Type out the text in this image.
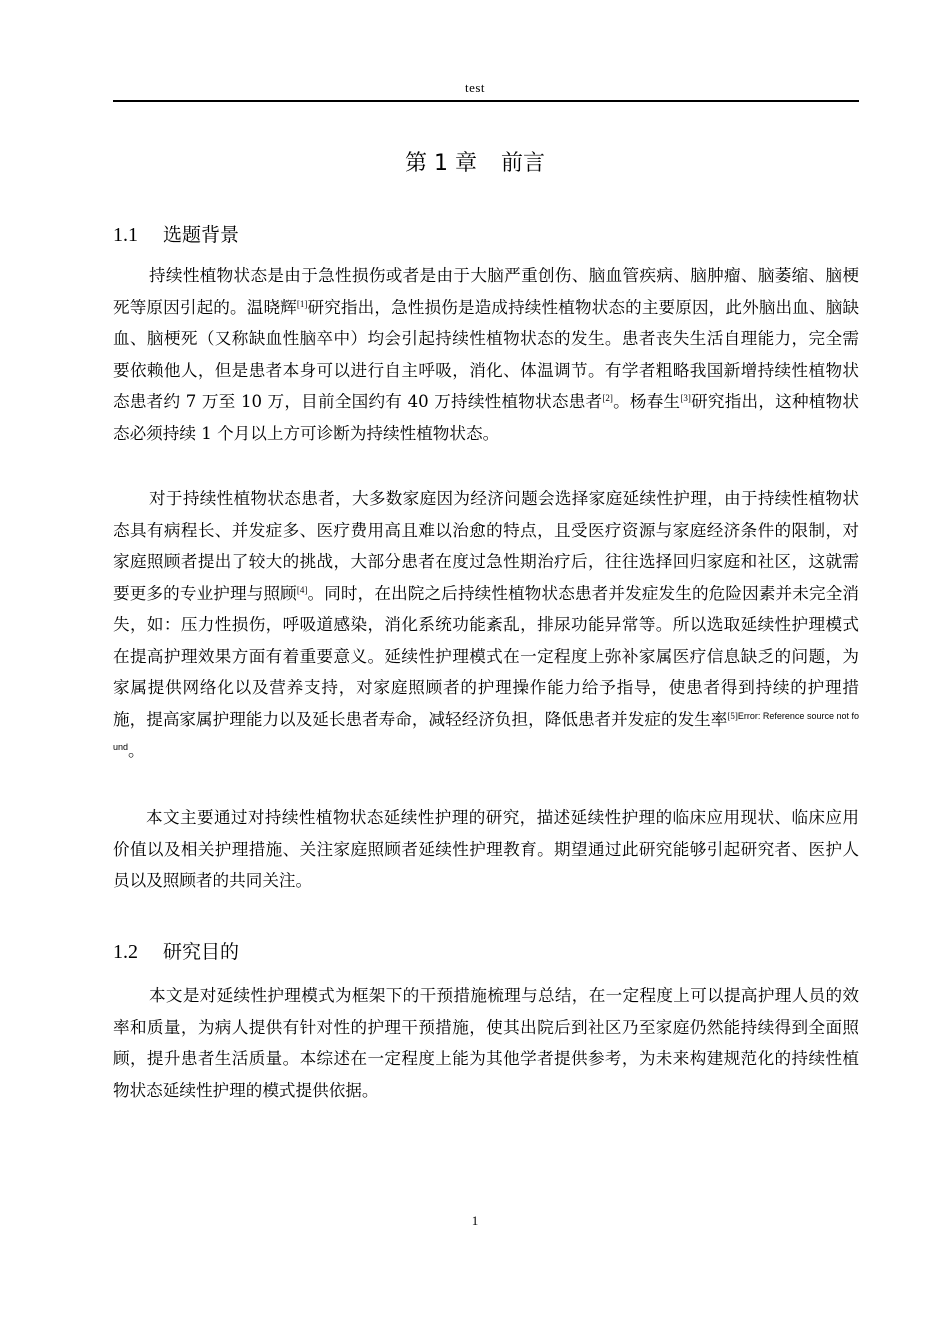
test
第 1 章 前言
1.1 选题背景
持续性植物状态是由于急性损伤或者是由于大脑严重创伤、脑血管疾病、脑肿瘤、脑萎缩、脑梗死等原因引起的。温晓辉[1]研究指出，急性损伤是造成持续性植物状态的主要原因，此外脑出血、脑缺血、脑梗死（又称缺血性脑卒中）均会引起持续性植物状态的发生。患者丧失生活自理能力，完全需要依赖他人，但是患者本身可以进行自主呼吸，消化、体温调节。有学者粗略我国新增持续性植物状态患者约 7 万至 10 万，目前全国约有 40 万持续性植物状态患者[2]。杨春生[3]研究指出，这种植物状态必须持续 1 个月以上方可诊断为持续性植物状态。
对于持续性植物状态患者，大多数家庭因为经济问题会选择家庭延续性护理，由于持续性植物状态具有病程长、并发症多、医疗费用高且难以治愈的特点，且受医疗资源与家庭经济条件的限制，对家庭照顾者提出了较大的挑战，大部分患者在度过急性期治疗后，往往选择回归家庭和社区，这就需要更多的专业护理与照顾[4]。同时，在出院之后持续性植物状态患者并发症发生的危险因素并未完全消失，如：压力性损伤，呼吸道感染，消化系统功能紊乱，排尿功能异常等。所以选取延续性护理模式在提高护理效果方面有着重要意义。延续性护理模式在一定程度上弥补家属医疗信息缺乏的问题，为家属提供网络化以及营养支持，对家庭照顾者的护理操作能力给予指导，使患者得到持续的护理措施，提高家属护理能力以及延长患者寿命，减轻经济负担，降低患者并发症的发生率$^{[5]Error: Reference source not found}$。
本文主要通过对持续性植物状态延续性护理的研究，描述延续性护理的临床应用现状、临床应用价值以及相关护理措施、关注家庭照顾者延续性护理教育。期望通过此研究能够引起研究者、医护人员以及照顾者的共同关注。
1.2 研究目的
本文是对延续性护理模式为框架下的干预措施梳理与总结，在一定程度上可以提高护理人员的效率和质量，为病人提供有针对性的护理干预措施，使其出院后到社区乃至家庭仍然能持续得到全面照顾，提升患者生活质量。本综述在一定程度上能为其他学者提供参考，为未来构建规范化的持续性植物状态延续性护理的模式提供依据。
1
